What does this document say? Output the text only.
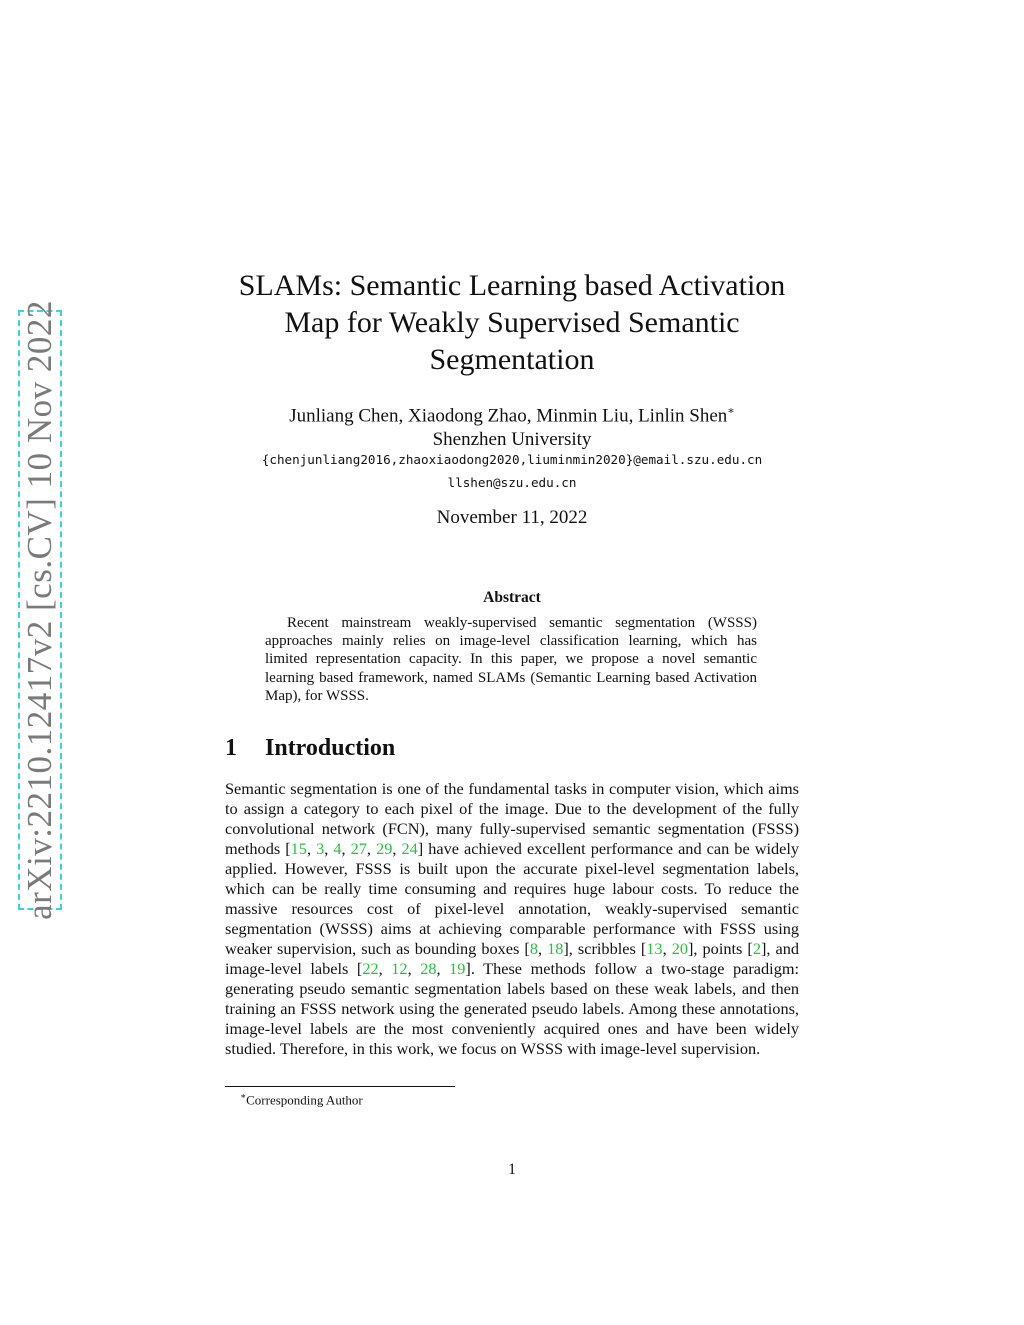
arXiv:2210.12417v2 [cs.CV] 10 Nov 2022
SLAMs: Semantic Learning based Activation
Map for Weakly Supervised Semantic
Segmentation
Junliang Chen, Xiaodong Zhao, Minmin Liu, Linlin Shen∗
Shenzhen University
{chenjunliang2016,zhaoxiaodong2020,liuminmin2020}@email.szu.edu.cn
llshen@szu.edu.cn
November 11, 2022
Abstract
Recent mainstream weakly-supervised semantic segmentation (WSSS) approaches mainly relies on image-level classification learning, which has limited representation capacity. In this paper, we propose a novel semantic learning based framework, named SLAMs (Semantic Learning based Activation Map), for WSSS.
1 Introduction
Semantic segmentation is one of the fundamental tasks in computer vision, which aims to assign a category to each pixel of the image. Due to the development of the fully convolutional network (FCN), many fully-supervised semantic segmentation (FSSS) methods [15, 3, 4, 27, 29, 24] have achieved excellent performance and can be widely applied. However, FSSS is built upon the accurate pixel-level segmentation labels, which can be really time consuming and requires huge labour costs. To reduce the massive resources cost of pixel-level annotation, weakly-supervised semantic segmentation (WSSS) aims at achieving comparable performance with FSSS using weaker supervision, such as bounding boxes [8, 18], scribbles [13, 20], points [2], and image-level labels [22, 12, 28, 19]. These methods follow a two-stage paradigm: generating pseudo semantic segmentation labels based on these weak labels, and then training an FSSS network using the generated pseudo labels. Among these annotations, image-level labels are the most conveniently acquired ones and have been widely studied. Therefore, in this work, we focus on WSSS with image-level supervision.
∗Corresponding Author
1
